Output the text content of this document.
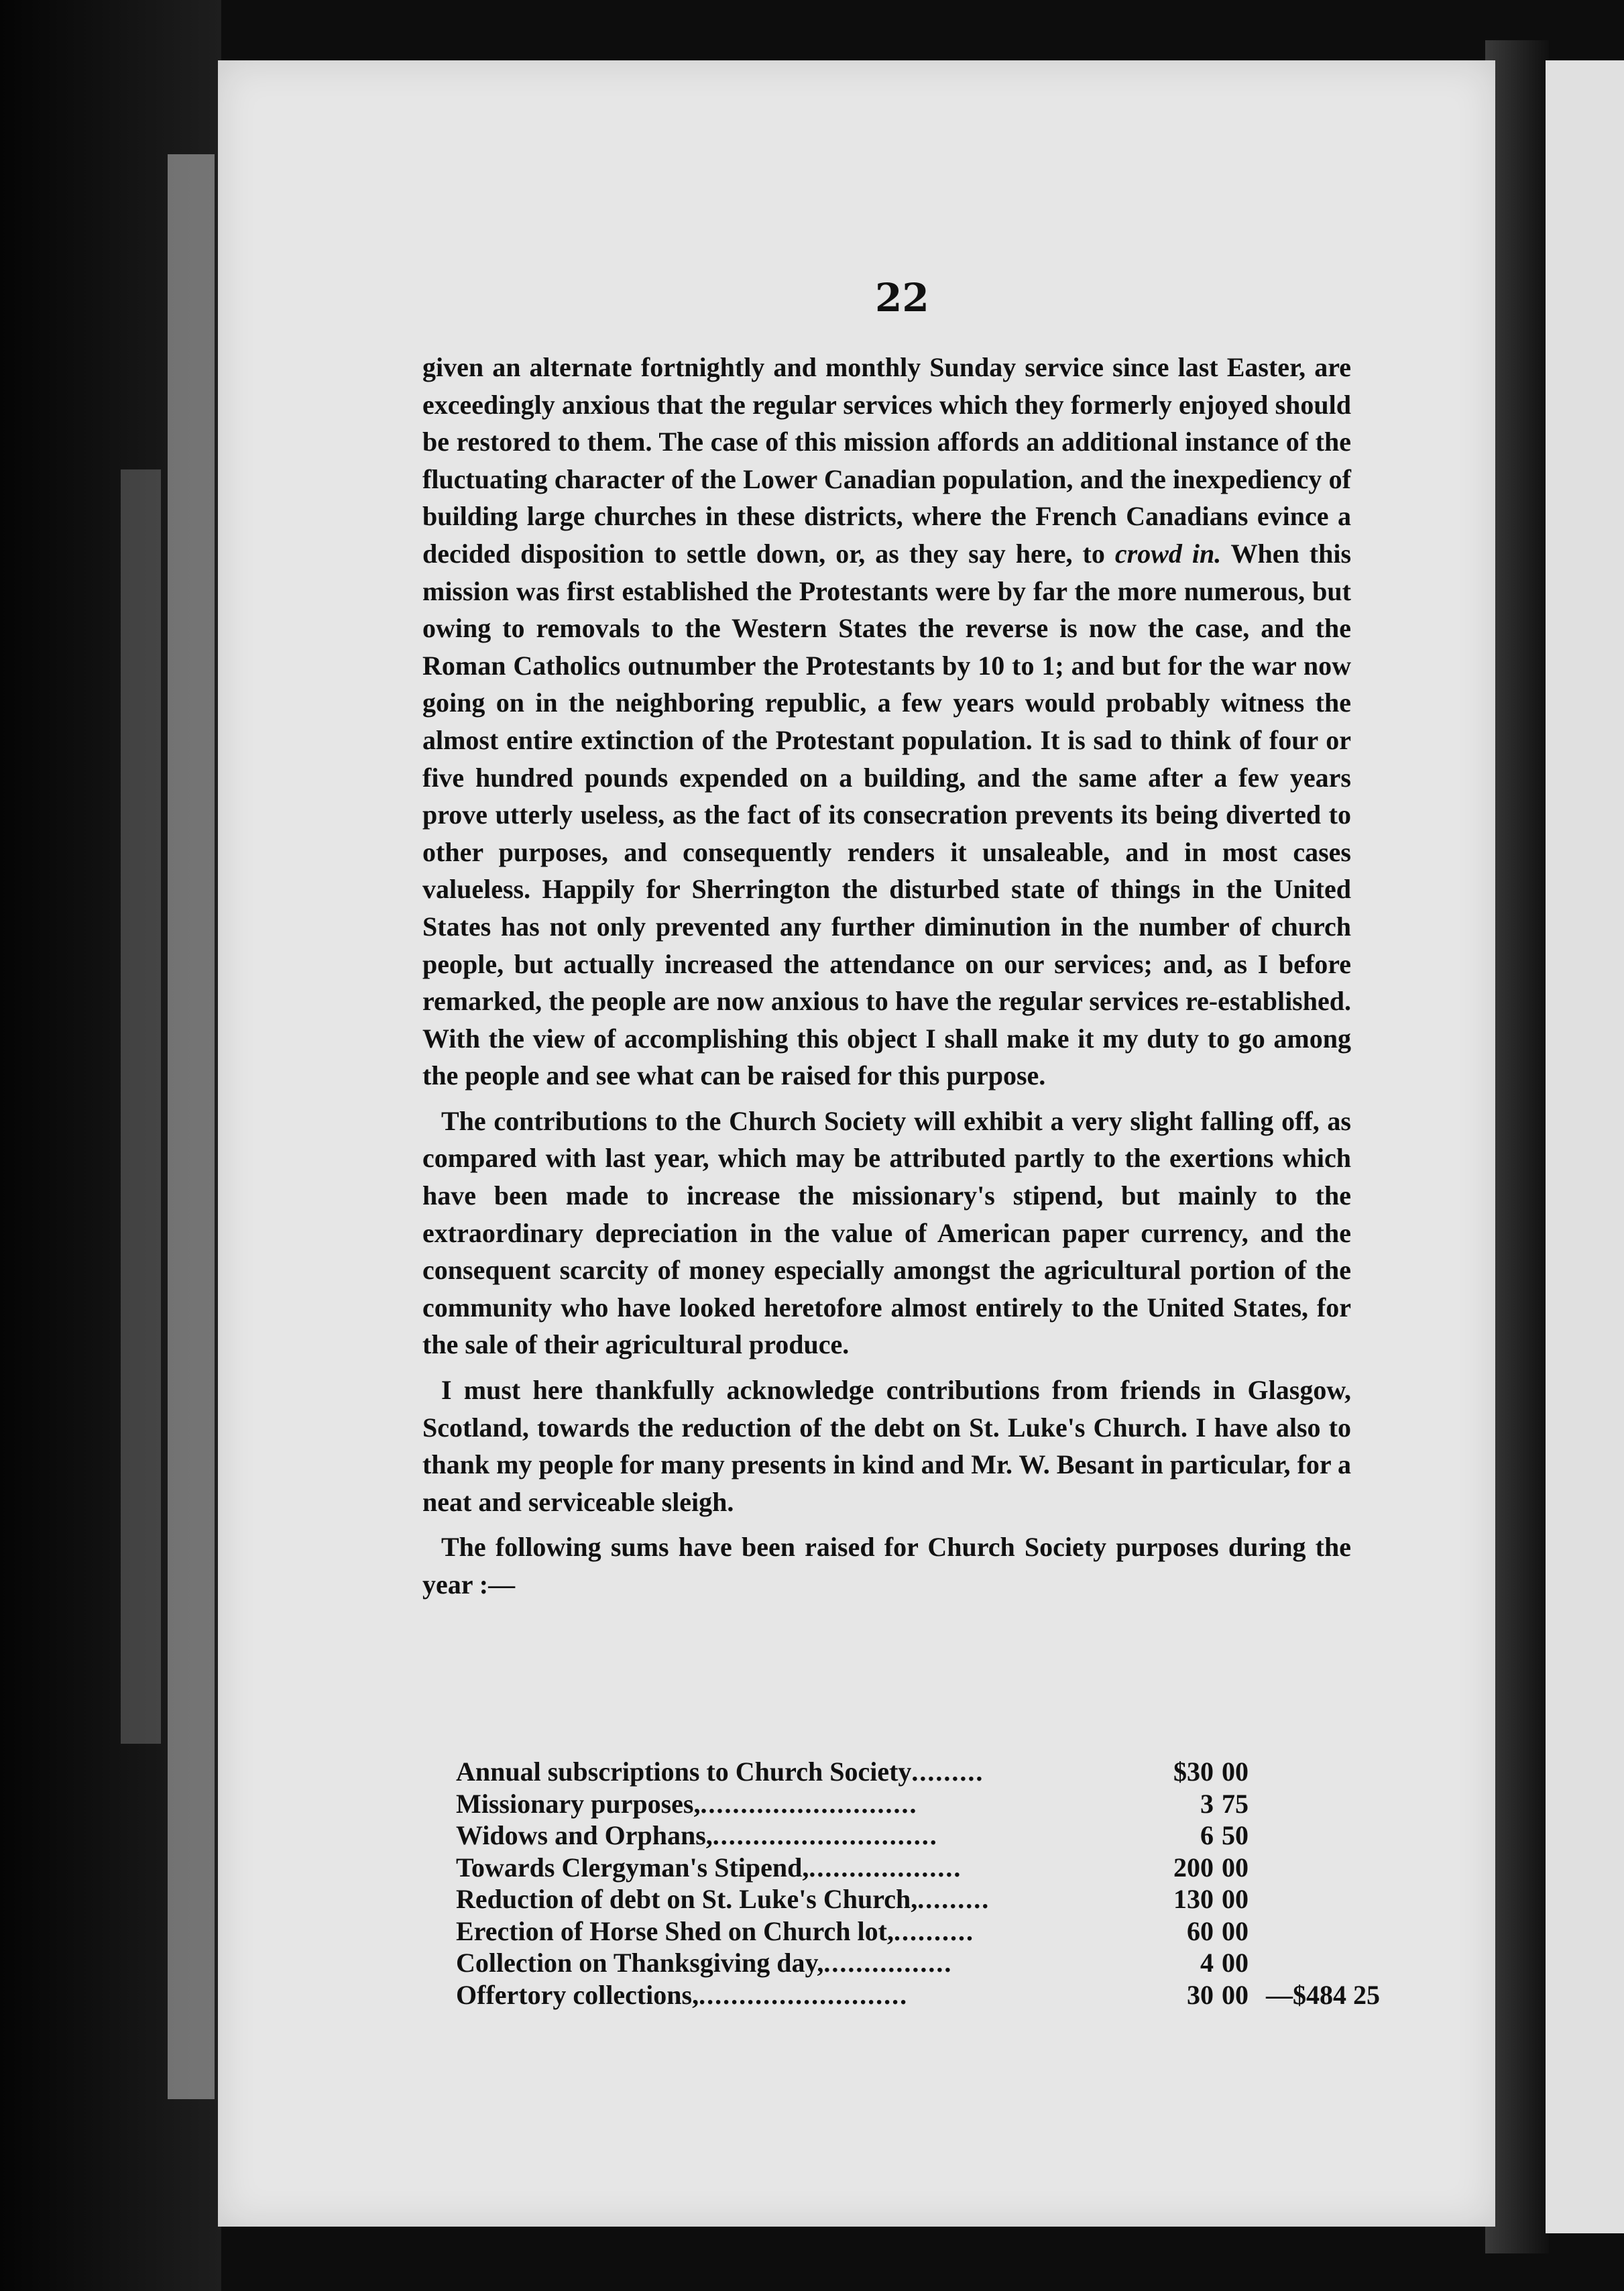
22

given an alternate fortnightly and monthly Sunday service since last Easter, are exceedingly anxious that the regular services which they formerly enjoyed should be restored to them. The case of this mission affords an additional instance of the fluctuating character of the Lower Canadian population, and the inexpediency of building large churches in these districts, where the French Canadians evince a decided disposition to settle down, or, as they say here, to crowd in. When this mission was first established the Protestants were by far the more numerous, but owing to removals to the Western States the reverse is now the case, and the Roman Catholics outnumber the Protestants by 10 to 1; and but for the war now going on in the neighboring republic, a few years would probably witness the almost entire extinction of the Protestant population. It is sad to think of four or five hundred pounds expended on a building, and the same after a few years prove utterly useless, as the fact of its consecration prevents its being diverted to other purposes, and consequently renders it unsaleable, and in most cases valueless. Happily for Sherrington the disturbed state of things in the United States has not only prevented any further diminution in the number of church people, but actually increased the attendance on our services; and, as I before remarked, the people are now anxious to have the regular services re-established. With the view of accomplishing this object I shall make it my duty to go among the people and see what can be raised for this purpose.

The contributions to the Church Society will exhibit a very slight falling off, as compared with last year, which may be attributed partly to the exertions which have been made to increase the missionary's stipend, but mainly to the extraordinary depreciation in the value of American paper currency, and the consequent scarcity of money especially amongst the agricultural portion of the community who have looked heretofore almost entirely to the United States, for the sale of their agricultural produce.

I must here thankfully acknowledge contributions from friends in Glasgow, Scotland, towards the reduction of the debt on St. Luke's Church. I have also to thank my people for many presents in kind and Mr. W. Besant in particular, for a neat and serviceable sleigh.

The following sums have been raised for Church Society purposes during the year :—

Annual subscriptions to Church Society.........	$30	00	
Missionary purposes,...........................	3	75	
Widows and Orphans,............................	6	50	
Towards Clergyman's Stipend,...................	200	00	
Reduction of debt on St. Luke's Church,.........	130	00	
Erection of Horse Shed on Church lot,..........	60	00	
Collection on Thanksgiving day,................	4	00	
Offertory collections,..........................	30	00	—$484 25
